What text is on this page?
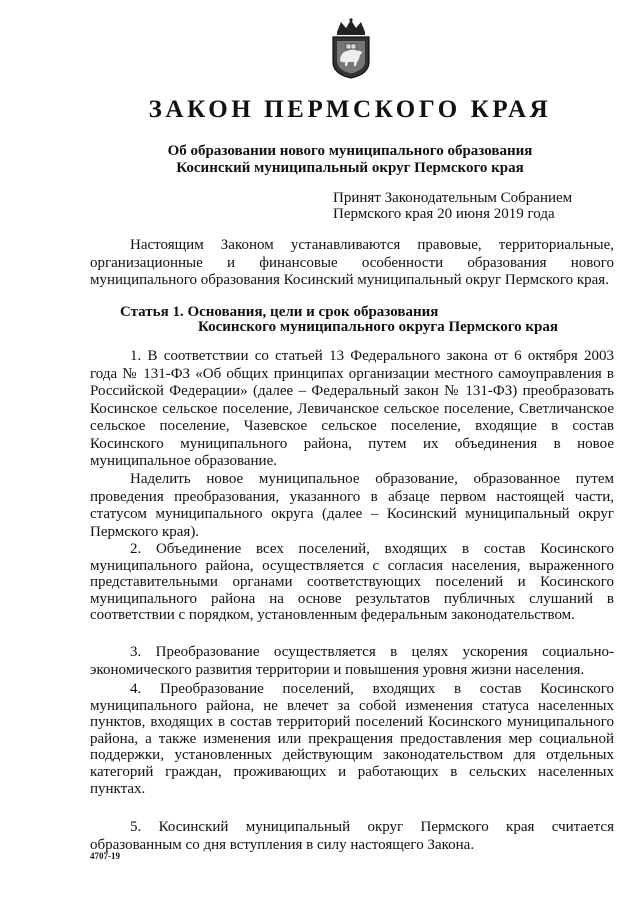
ЗАКОН ПЕРМСКОГО КРАЯ
Об образовании нового муниципального образования
Косинский муниципальный округ Пермского края
Принят Законодательным Собранием
Пермского края 20 июня 2019 года

Настоящим Законом устанавливаются правовые, территориальные, организационные и финансовые особенности образования нового муниципального образования Косинский муниципальный округ Пермского края.

Статья 1. Основания, цели и срок образования
Косинского муниципального округа Пермского края

1. В соответствии со статьей 13 Федерального закона от 6 октября 2003 года № 131-ФЗ «Об общих принципах организации местного самоуправления в Российской Федерации» (далее – Федеральный закон № 131-ФЗ) преобразовать Косинское сельское поселение, Левичанское сельское поселение, Светличанское сельское поселение, Чазевское сельское поселение, входящие в состав Косинского муниципального района, путем их объединения в новое муниципальное образование.

Наделить новое муниципальное образование, образованное путем проведения преобразования, указанного в абзаце первом настоящей части, статусом муниципального округа (далее – Косинский муниципальный округ Пермского края).

2. Объединение всех поселений, входящих в состав Косинского муниципального района, осуществляется с согласия населения, выраженного представительными органами соответствующих поселений и Косинского муниципального района на основе результатов публичных слушаний в соответствии с порядком, установленным федеральным законодательством.

3. Преобразование осуществляется в целях ускорения социально-экономического развития территории и повышения уровня жизни населения.

4. Преобразование поселений, входящих в состав Косинского муниципального района, не влечет за собой изменения статуса населенных пунктов, входящих в состав территорий поселений Косинского муниципального района, а также изменения или прекращения предоставления мер социальной поддержки, установленных действующим законодательством для отдельных категорий граждан, проживающих и работающих в сельских населенных пунктах.

5. Косинский муниципальный округ Пермского края считается образованным со дня вступления в силу настоящего Закона.

4707-19
